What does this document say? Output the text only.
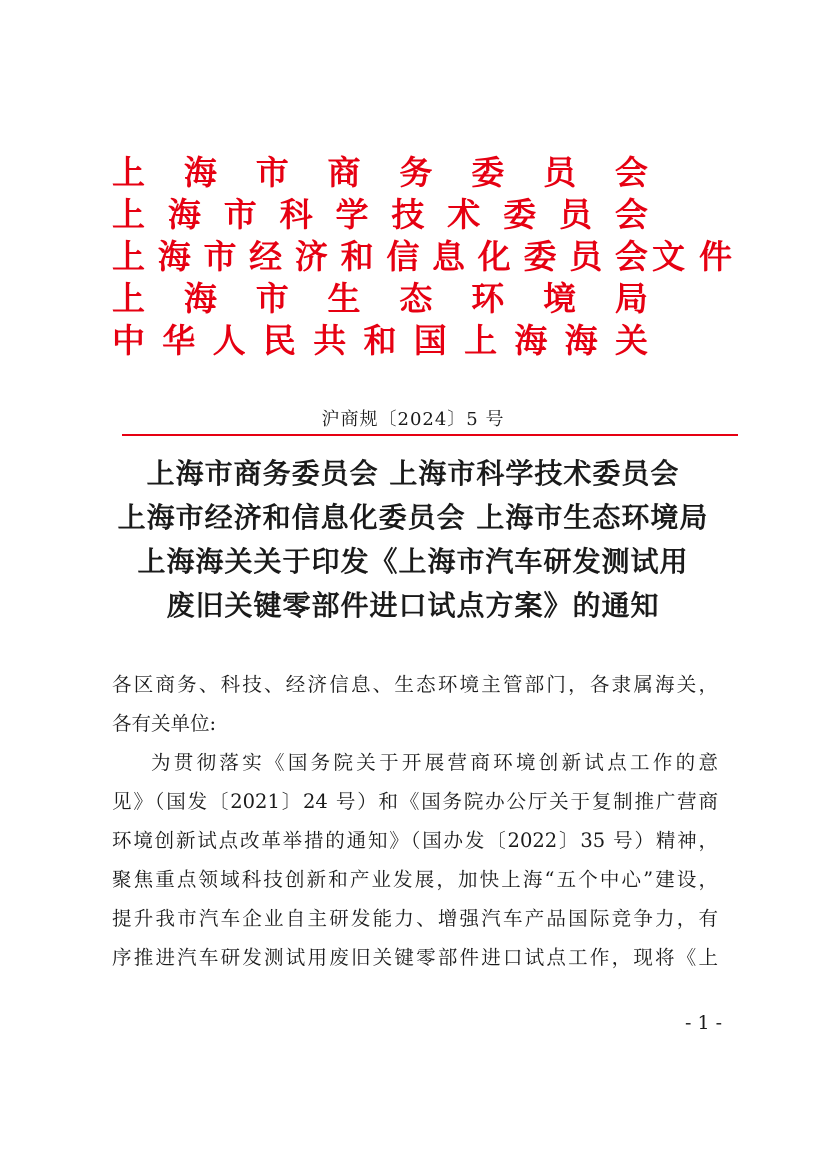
上 海 市 商 务 委 员 会
上 海 市 科 学 技 术 委 员 会
上 海 市 经 济 和 信 息 化 委 员 会 文 件
上 海 市 生 态 环 境 局
中 华 人 民 共 和 国 上 海 海 关
沪商规〔2024〕5 号
上海市商务委员会 上海市科学技术委员会
上海市经济和信息化委员会 上海市生态环境局
上海海关关于印发《上海市汽车研发测试用
废旧关键零部件进口试点方案》的通知

各区商务、科技、经济信息、生态环境主管部门，各隶属海关，

各有关单位:

为贯彻落实《国务院关于开展营商环境创新试点工作的意

见》（国发〔2021〕24 号）和《国务院办公厅关于复制推广营商

环境创新试点改革举措的通知》（国办发〔2022〕35 号）精神，

聚焦重点领域科技创新和产业发展，加快上海“五个中心”建设，

提升我市汽车企业自主研发能力、增强汽车产品国际竞争力，有

序推进汽车研发测试用废旧关键零部件进口试点工作，现将《上

- 1 -
